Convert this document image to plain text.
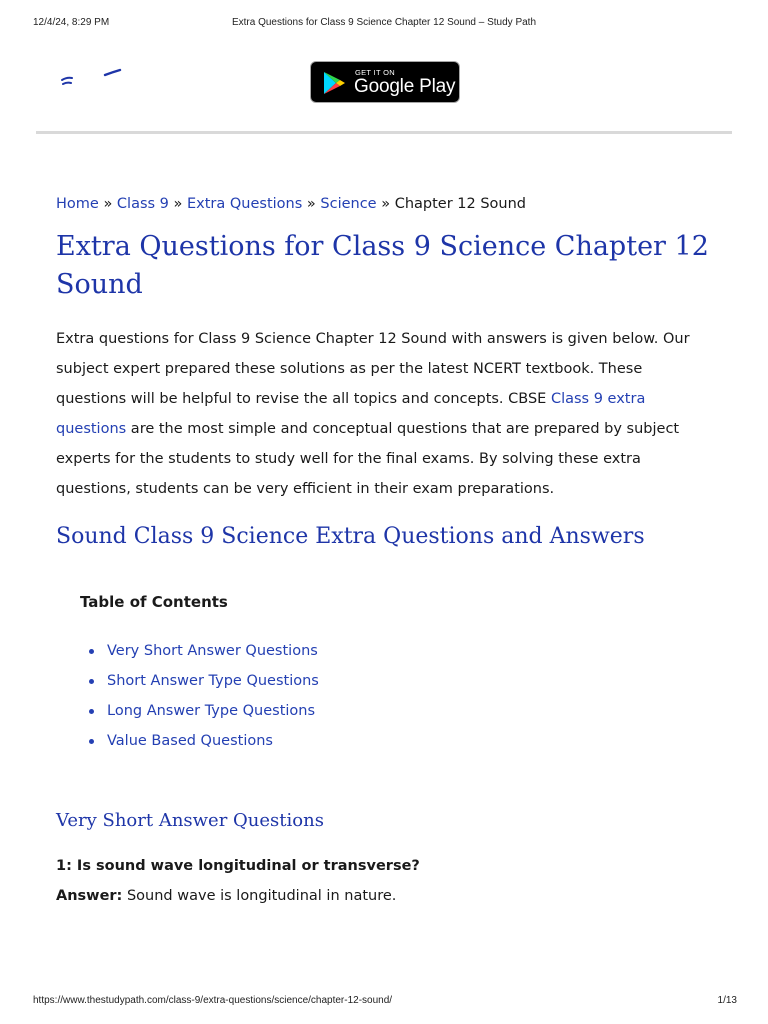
12/4/24, 8:29 PM	Extra Questions for Class 9 Science Chapter 12 Sound – Study Path
GET IT ON
Google Play
Home » Class 9 » Extra Questions » Science » Chapter 12 Sound
Extra Questions for Class 9 Science Chapter 12 Sound

Extra questions for Class 9 Science Chapter 12 Sound with answers is given below. Our subject expert prepared these solutions as per the latest NCERT textbook. These questions will be helpful to revise the all topics and concepts. CBSE Class 9 extra questions are the most simple and conceptual questions that are prepared by subject experts for the students to study well for the final exams. By solving these extra questions, students can be very efficient in their exam preparations.

Sound Class 9 Science Extra Questions and Answers
Table of Contents
Very Short Answer Questions
Short Answer Type Questions
Long Answer Type Questions
Value Based Questions
Very Short Answer Questions
1: Is sound wave longitudinal or transverse?
Answer: Sound wave is longitudinal in nature.
https://www.thestudypath.com/class-9/extra-questions/science/chapter-12-sound/	1/13
